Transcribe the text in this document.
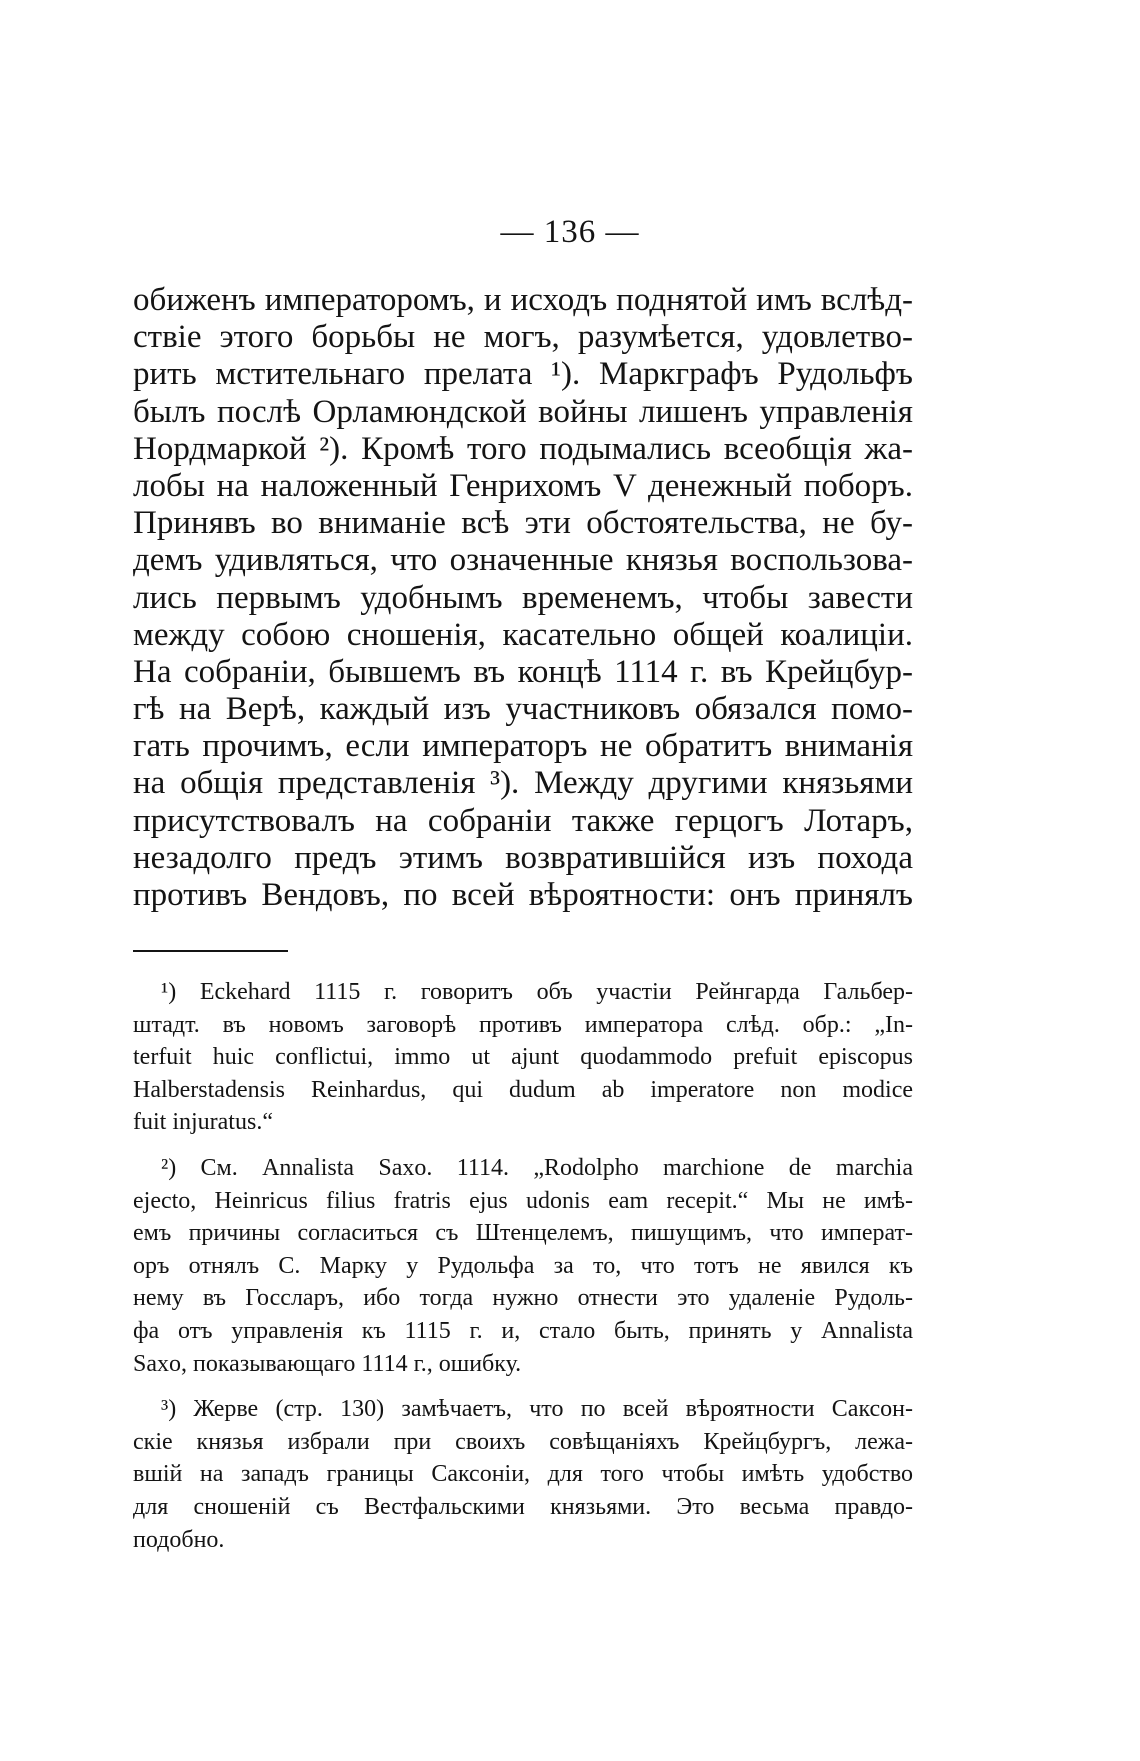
— 136 —
обиженъ императоромъ, и исходъ поднятой имъ вслѣд-
ствіе этого борьбы не могъ, разумѣется, удовлетво-
рить мстительнаго прелата ¹). Маркграфъ Рудольфъ
былъ послѣ Орламюндской войны лишенъ управленія
Нордмаркой ²). Кромѣ того подымались всеобщія жа-
лобы на наложенный Генрихомъ V денежный поборъ.
Принявъ во вниманіе всѣ эти обстоятельства, не бу-
демъ удивляться, что означенные князья воспользова-
лись первымъ удобнымъ временемъ, чтобы завести
между собою сношенія, касательно общей коалиціи.
На собраніи, бывшемъ въ концѣ 1114 г. въ Крейцбур-
гѣ на Верѣ, каждый изъ участниковъ обязался помо-
гать прочимъ, если императоръ не обратитъ вниманія
на общія представленія ³). Между другими князьями
присутствовалъ на собраніи также герцогъ Лотаръ,
незадолго предъ этимъ возвратившійся изъ похода
противъ Вендовъ, по всей вѣроятности: онъ принялъ
¹) Eckehard 1115 г. говоритъ объ участіи Рейнгарда Гальбер-
штадт. въ новомъ заговорѣ противъ императора слѣд. обр.: „In-
terfuit huic conflictui, immo ut ajunt quodammodo prefuit episcopus
Halberstadensis Reinhardus, qui dudum ab imperatore non modice
fuit injuratus.“
²) См. Annalista Saxo. 1114. „Rodolpho marchione de marchia
ejecto, Heinricus filius fratris ejus udonis eam recepit.“ Мы не имѣ-
емъ причины согласиться съ Штенцелемъ, пишущимъ, что императ-
оръ отнялъ С. Марку у Рудольфа за то, что тотъ не явился къ
нему въ Госсларъ, ибо тогда нужно отнести это удаленіе Рудоль-
фа отъ управленія къ 1115 г. и, стало быть, принять у Annalista
Saxo, показывающаго 1114 г., ошибку.
³) Жерве (стр. 130) замѣчаетъ, что по всей вѣроятности Саксон-
скіе князья избрали при своихъ совѣщаніяхъ Крейцбургъ, лежа-
вшій на западъ границы Саксоніи, для того чтобы имѣть удобство
для сношеній съ Вестфальскими князьями. Это весьма правдо-
подобно.
